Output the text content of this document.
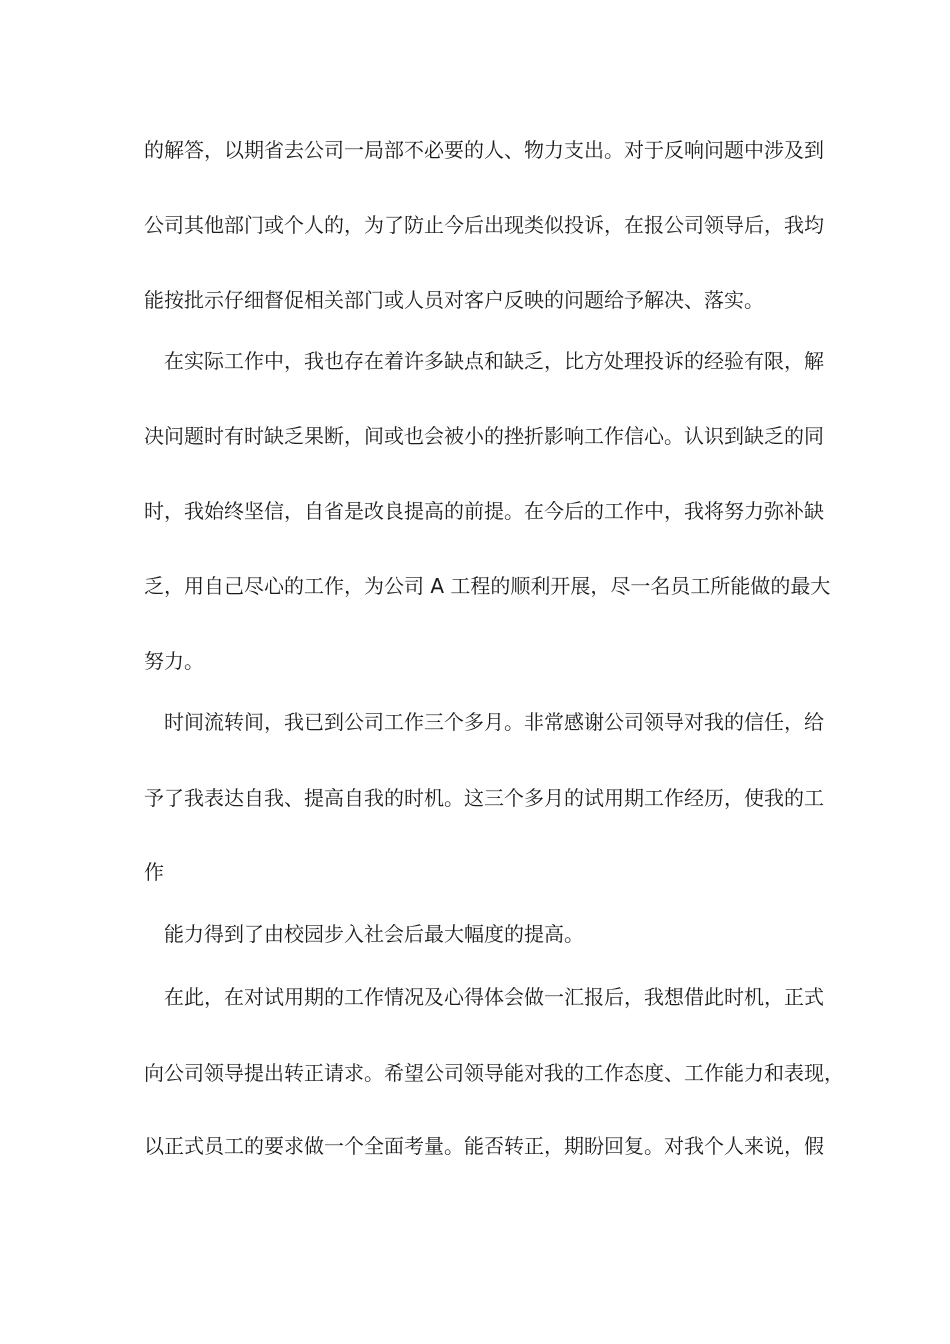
的解答，以期省去公司一局部不必要的人、物力支出。对于反响问题中涉及到
公司其他部门或个人的，为了防止今后出现类似投诉，在报公司领导后，我均
能按批示仔细督促相关部门或人员对客户反映的问题给予解决、落实。
在实际工作中，我也存在着许多缺点和缺乏，比方处理投诉的经验有限，解
决问题时有时缺乏果断，间或也会被小的挫折影响工作信心。认识到缺乏的同
时，我始终坚信，自省是改良提高的前提。在今后的工作中，我将努力弥补缺
乏，用自己尽心的工作，为公司 A 工程的顺利开展，尽一名员工所能做的最大
努力。
时间流转间，我已到公司工作三个多月。非常感谢公司领导对我的信任，给
予了我表达自我、提高自我的时机。这三个多月的试用期工作经历，使我的工
作
能力得到了由校园步入社会后最大幅度的提高。
在此，在对试用期的工作情况及心得体会做一汇报后，我想借此时机，正式
向公司领导提出转正请求。希望公司领导能对我的工作态度、工作能力和表现，
以正式员工的要求做一个全面考量。能否转正，期盼回复。对我个人来说，假
